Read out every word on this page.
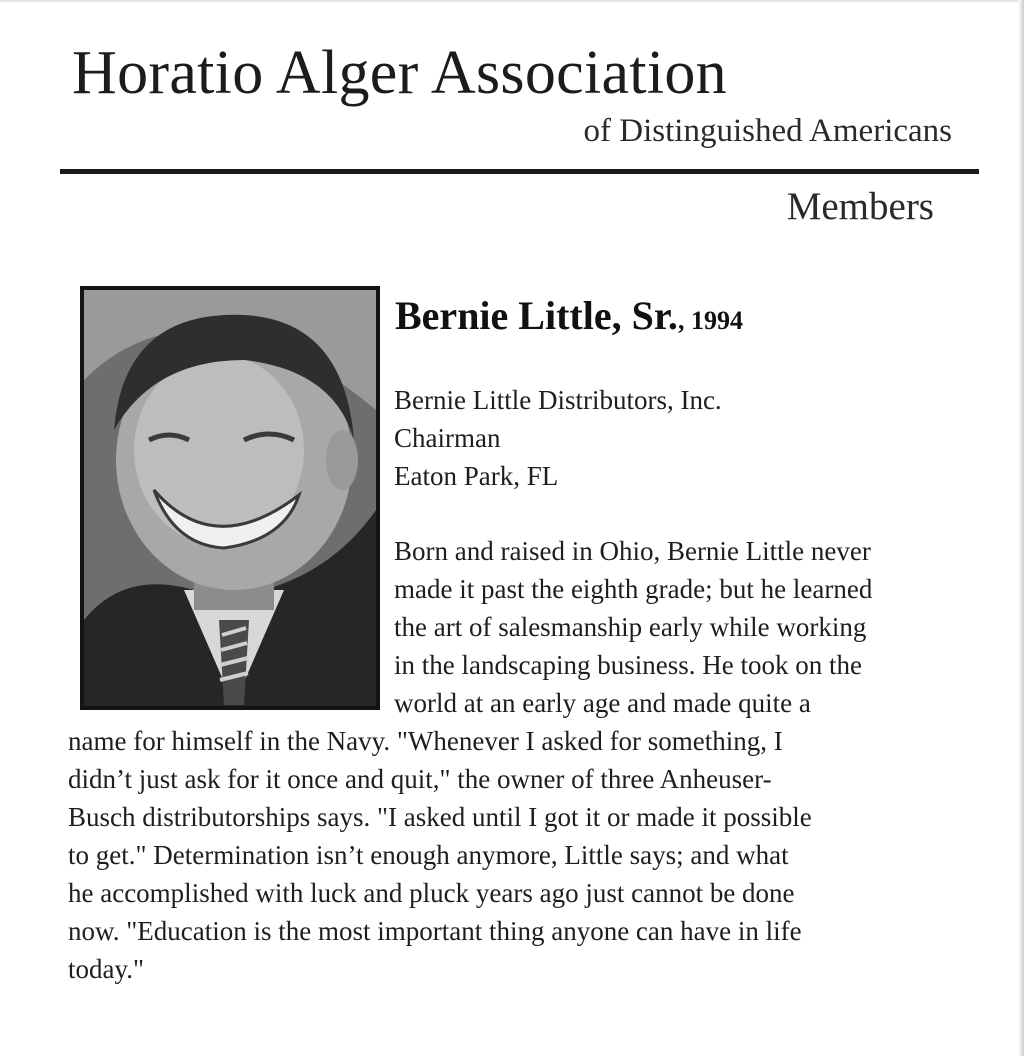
Horatio Alger Association
of Distinguished Americans
Members
Bernie Little, Sr., 1994
Bernie Little Distributors, Inc.
Chairman
Eaton Park, FL
Born and raised in Ohio, Bernie Little never
made it past the eighth grade; but he learned
the art of salesmanship early while working
in the landscaping business. He took on the
world at an early age and made quite a
name for himself in the Navy. "Whenever I asked for something, I
didn’t just ask for it once and quit," the owner of three Anheuser-
Busch distributorships says. "I asked until I got it or made it possible
to get." Determination isn’t enough anymore, Little says; and what
he accomplished with luck and pluck years ago just cannot be done
now. "Education is the most important thing anyone can have in life
today."
